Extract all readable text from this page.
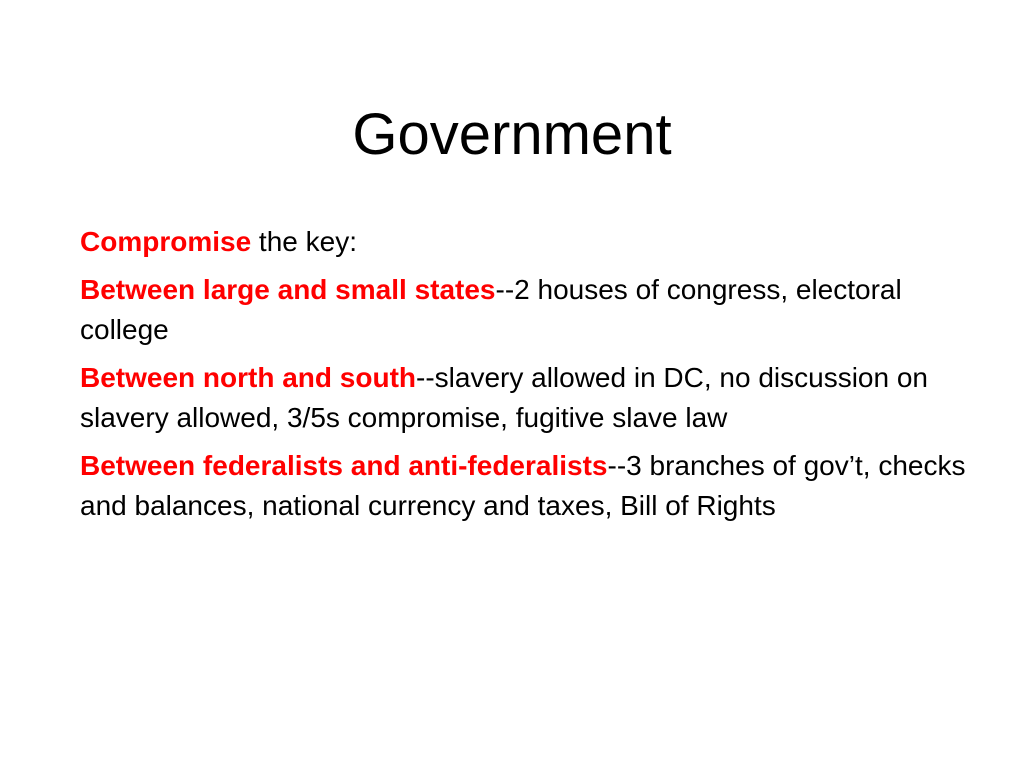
Government

Compromise the key:

Between large and small states--2 houses of congress, electoral college

Between north and south--slavery allowed in DC, no discussion on slavery allowed, 3/5s compromise, fugitive slave law

Between federalists and anti-federalists--3 branches of gov’t, checks and balances, national currency and taxes, Bill of Rights
